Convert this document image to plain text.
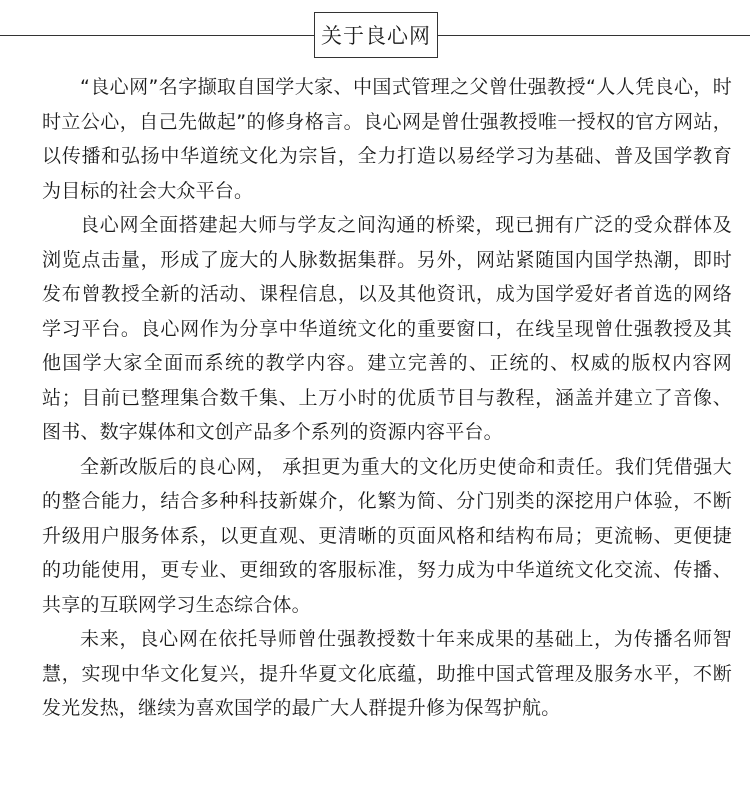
关于良心网

“良心网”名字撷取自国学大家、中国式管理之父曾仕强教授“人人凭良心，时时立公心，自己先做起”的修身格言。良心网是曾仕强教授唯一授权的官方网站，以传播和弘扬中华道统文化为宗旨，全力打造以易经学习为基础、普及国学教育为目标的社会大众平台。

良心网全面搭建起大师与学友之间沟通的桥梁，现已拥有广泛的受众群体及浏览点击量，形成了庞大的人脉数据集群。另外，网站紧随国内国学热潮，即时发布曾教授全新的活动、课程信息，以及其他资讯，成为国学爱好者首选的网络学习平台。良心网作为分享中华道统文化的重要窗口，在线呈现曾仕强教授及其他国学大家全面而系统的教学内容。建立完善的、正统的、权威的版权内容网站；目前已整理集合数千集、上万小时的优质节目与教程，涵盖并建立了音像、图书、数字媒体和文创产品多个系列的资源内容平台。

全新改版后的良心网， 承担更为重大的文化历史使命和责任。我们凭借强大的整合能力，结合多种科技新媒介，化繁为简、分门别类的深挖用户体验，不断升级用户服务体系，以更直观、更清晰的页面风格和结构布局；更流畅、更便捷的功能使用，更专业、更细致的客服标准，努力成为中华道统文化交流、传播、共享的互联网学习生态综合体。

未来，良心网在依托导师曾仕强教授数十年来成果的基础上，为传播名师智慧，实现中华文化复兴，提升华夏文化底蕴，助推中国式管理及服务水平，不断发光发热，继续为喜欢国学的最广大人群提升修为保驾护航。
